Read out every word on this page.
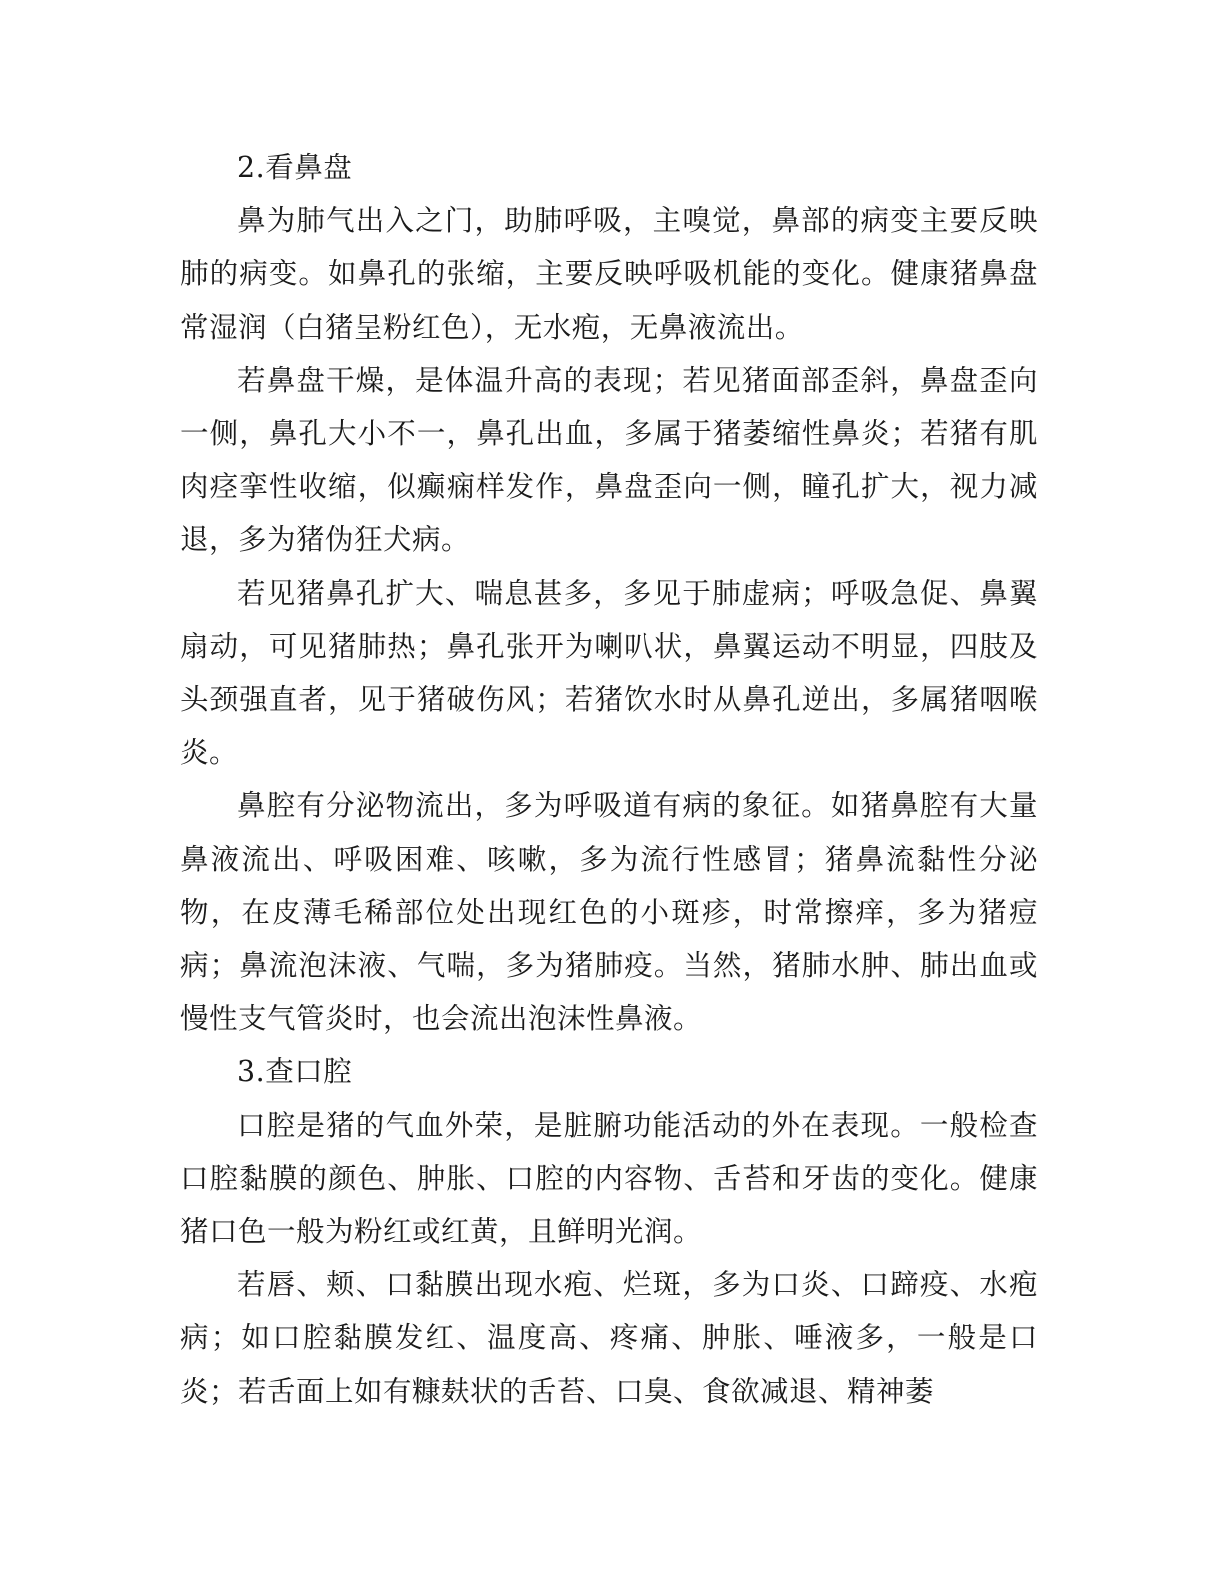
2.看鼻盘

鼻为肺气出入之门，助肺呼吸，主嗅觉，鼻部的病变主要反映肺的病变。如鼻孔的张缩，主要反映呼吸机能的变化。健康猪鼻盘常湿润（白猪呈粉红色），无水疱，无鼻液流出。

若鼻盘干燥，是体温升高的表现；若见猪面部歪斜，鼻盘歪向一侧，鼻孔大小不一，鼻孔出血，多属于猪萎缩性鼻炎；若猪有肌肉痉挛性收缩，似癫痫样发作，鼻盘歪向一侧，瞳孔扩大，视力减退，多为猪伪狂犬病。

若见猪鼻孔扩大、喘息甚多，多见于肺虚病；呼吸急促、鼻翼扇动，可见猪肺热；鼻孔张开为喇叭状，鼻翼运动不明显，四肢及头颈强直者，见于猪破伤风；若猪饮水时从鼻孔逆出，多属猪咽喉炎。

鼻腔有分泌物流出，多为呼吸道有病的象征。如猪鼻腔有大量鼻液流出、呼吸困难、咳嗽，多为流行性感冒；猪鼻流黏性分泌物，在皮薄毛稀部位处出现红色的小斑疹，时常擦痒，多为猪痘病；鼻流泡沫液、气喘，多为猪肺疫。当然，猪肺水肿、肺出血或慢性支气管炎时，也会流出泡沫性鼻液。

3.查口腔

口腔是猪的气血外荣，是脏腑功能活动的外在表现。一般检查口腔黏膜的颜色、肿胀、口腔的内容物、舌苔和牙齿的变化。健康猪口色一般为粉红或红黄，且鲜明光润。

若唇、颊、口黏膜出现水疱、烂斑，多为口炎、口蹄疫、水疱病；如口腔黏膜发红、温度高、疼痛、肿胀、唾液多，一般是口炎；若舌面上如有糠麸状的舌苔、口臭、食欲减退、精神萎
